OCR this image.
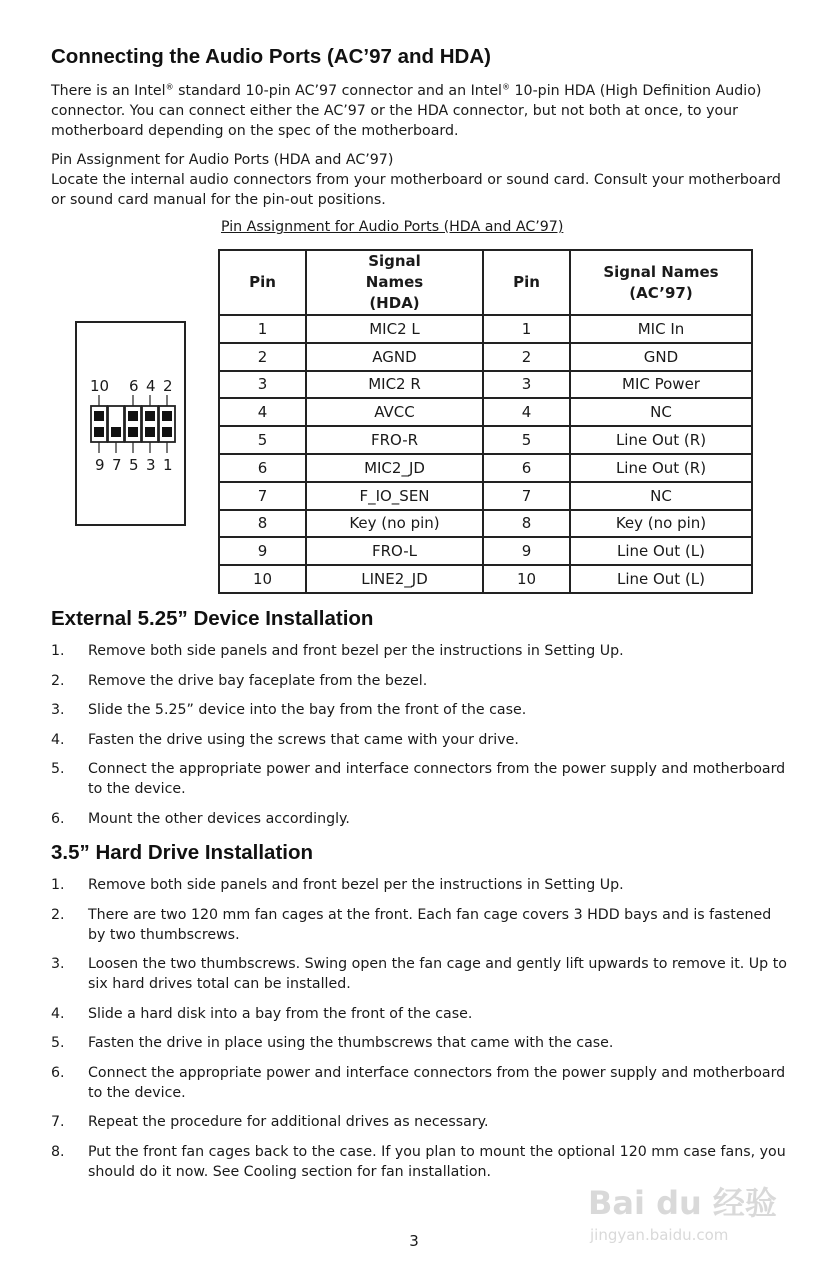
Connecting the Audio Ports (AC’97 and HDA)

There is an Intel® standard 10-pin AC’97 connector and an Intel® 10-pin HDA (High Definition Audio) connector. You can connect either the AC’97 or the HDA connector, but not both at once, to your motherboard depending on the spec of the motherboard.

Pin Assignment for Audio Ports (HDA and AC’97)

Locate the internal audio connectors from your motherboard or sound card. Consult your motherboard or sound card manual for the pin-out positions.

Pin Assignment for Audio Ports (HDA and AC’97)
10 6 4 2
9 7 5 3 1
Pin	Signal Names (HDA)	Pin	Signal Names (AC’97)
1	MIC2 L	1	MIC In
2	AGND	2	GND
3	MIC2 R	3	MIC Power
4	AVCC	4	NC
5	FRO-R	5	Line Out (R)
6	MIC2_JD	6	Line Out (R)
7	F_IO_SEN	7	NC
8	Key (no pin)	8	Key (no pin)
9	FRO-L	9	Line Out (L)
10	LINE2_JD	10	Line Out (L)
External 5.25” Device Installation
1. Remove both side panels and front bezel per the instructions in Setting Up.
2. Remove the drive bay faceplate from the bezel.
3. Slide the 5.25” device into the bay from the front of the case.
4. Fasten the drive using the screws that came with your drive.
5. Connect the appropriate power and interface connectors from the power supply and motherboard to the device.
6. Mount the other devices accordingly.
3.5” Hard Drive Installation
1. Remove both side panels and front bezel per the instructions in Setting Up.
2. There are two 120 mm fan cages at the front. Each fan cage covers 3 HDD bays and is fastened by two thumbscrews.
3. Loosen the two thumbscrews. Swing open the fan cage and gently lift upwards to remove it. Up to six hard drives total can be installed.
4. Slide a hard disk into a bay from the front of the case.
5. Fasten the drive in place using the thumbscrews that came with the case.
6. Connect the appropriate power and interface connectors from the power supply and motherboard to the device.
7. Repeat the procedure for additional drives as necessary.
8. Put the front fan cages back to the case. If you plan to mount the optional 120 mm case fans, you should do it now. See Cooling section for fan installation.
Bai du 经验
jingyan.baidu.com
3
